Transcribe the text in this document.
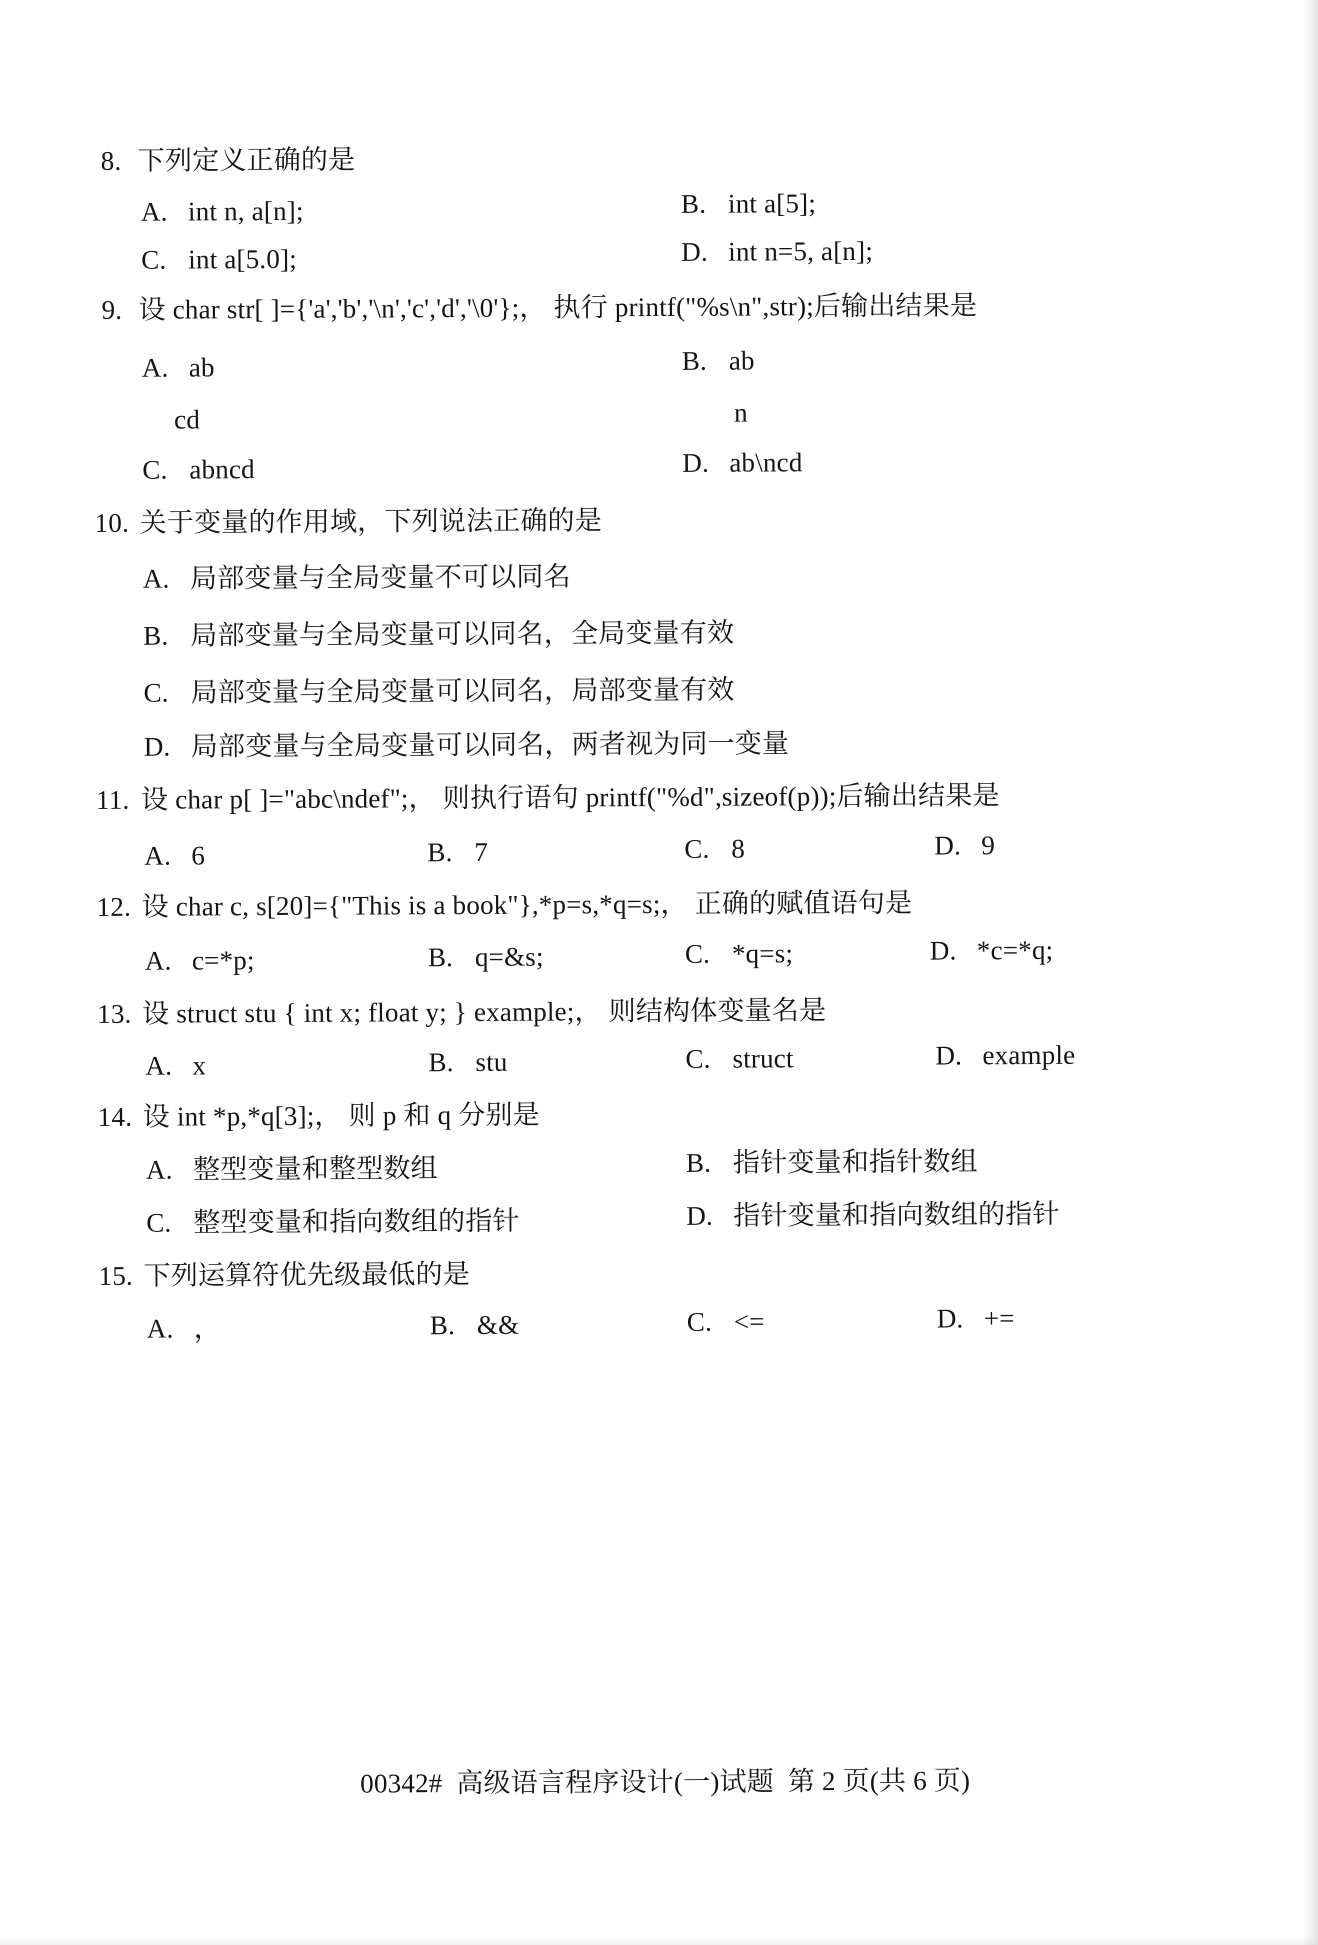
8. 下列定义正确的是
A. int n, a[n];	B. int a[5];
C. int a[5.0];	D. int n=5, a[n];
9. 设 char str[ ]={'a','b','\n','c','d','\0'};， 执行 printf("%s\n",str);后输出结果是
A. ab	B. ab
cd	n
C. abncd	D. ab\ncd
10. 关于变量的作用域，下列说法正确的是
A. 局部变量与全局变量不可以同名
B. 局部变量与全局变量可以同名，全局变量有效
C. 局部变量与全局变量可以同名，局部变量有效
D. 局部变量与全局变量可以同名，两者视为同一变量
11. 设 char p[ ]="abc\ndef";， 则执行语句 printf("%d",sizeof(p));后输出结果是
A. 6	B. 7	C. 8	D. 9
12. 设 char c, s[20]={"This is a book"},*p=s,*q=s;， 正确的赋值语句是
A. c=*p;	B. q=&s;	C. *q=s;	D. *c=*q;
13. 设 struct stu { int x; float y; } example;， 则结构体变量名是
A. x	B. stu	C. struct	D. example
14. 设 int *p,*q[3];， 则 p 和 q 分别是
A. 整型变量和整型数组	B. 指针变量和指针数组
C. 整型变量和指向数组的指针	D. 指针变量和指向数组的指针
15. 下列运算符优先级最低的是
A. ，	B. &&	C. <=	D. +=
00342#  高级语言程序设计(一)试题  第 2 页(共 6 页)
